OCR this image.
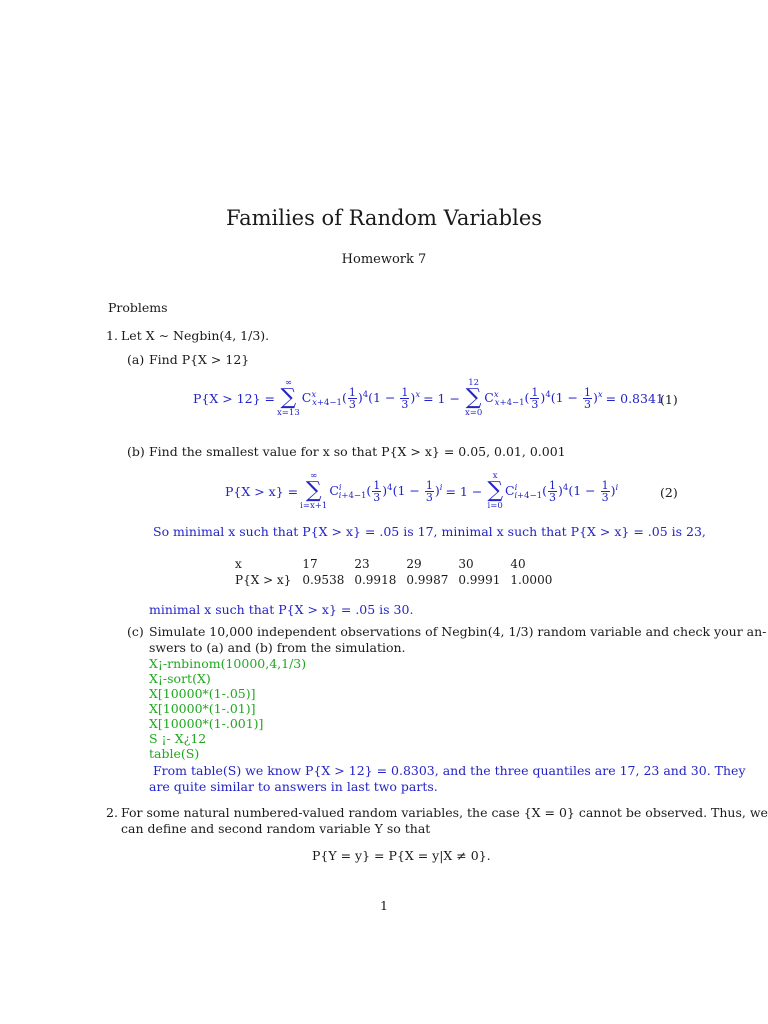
Families of Random Variables
Homework 7
Problems
1. Let X ∼ Negbin(4, 1/3).
(a) Find P{X > 12}
P{X > 12} =
∞
∑
x=13
$C^x_{x+4-1}( \frac{1}{3} )^4(1 - \frac{1}{3} )^x = 1$ −
12
∑
x=0
$C^x_{x+4-1}( \frac{1}{3} )^4(1 - \frac{1}{3} )^x = 0.8341$
(1)
(b) Find the smallest value for x so that P{X > x} = 0.05, 0.01, 0.001
P{X > x} =
∞
∑
i=x+1
$C^i_{i+4-1}( \frac{1}{3} )^4(1 - \frac{1}{3} )^i = 1$ −
x
∑
i=0
$C^i_{i+4-1}( \frac{1}{3} )^4(1 - \frac{1}{3} )^i$	(2)
So minimal x such that P{X > x} = .05 is 17, minimal x such that P{X > x} = .05 is 23,
x	17	23	29	30	40
P{X > x}	0.9538	0.9918	0.9987	0.9991	1.0000
minimal x such that P{X > x} = .05 is 30.
(c) Simulate 10,000 independent observations of Negbin(4, 1/3) random variable and check your an-
swers to (a) and (b) from the simulation.
X¡-rnbinom(10000,4,1/3)
X¡-sort(X)
X[10000*(1-.05)]
X[10000*(1-.01)]
X[10000*(1-.001)]
S ¡- X¿12
table(S)
From table(S) we know P{X > 12} = 0.8303, and the three quantiles are 17, 23 and 30. They
are quite similar to answers in last two parts.
2. For some natural numbered-valued random variables, the case {X = 0} cannot be observed. Thus, we
can define and second random variable Y so that
P{Y = y} = P{X = y|X ≠ 0}.
1
